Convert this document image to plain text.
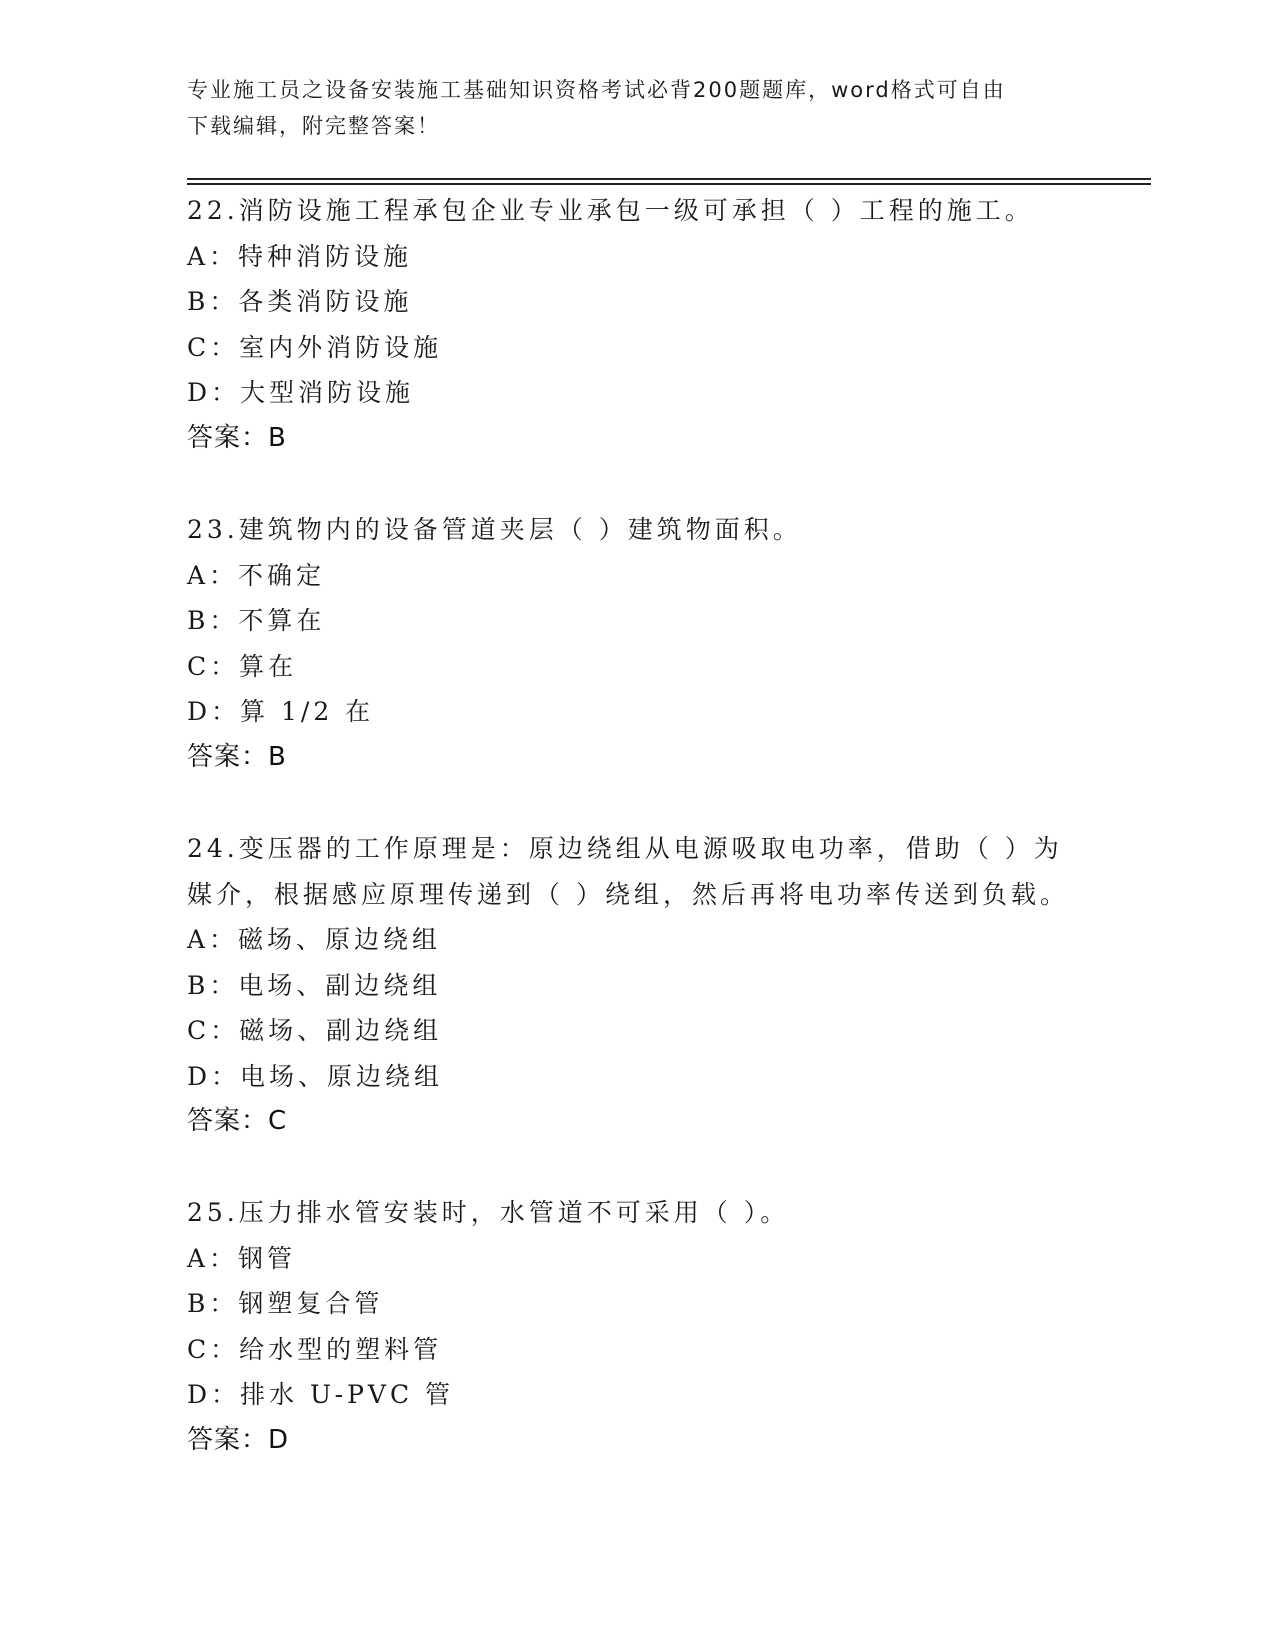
专业施工员之设备安装施工基础知识资格考试必背200题题库，word格式可自由
下载编辑，附完整答案！
22.消防设施工程承包企业专业承包一级可承担（ ）工程的施工。
A：特种消防设施
B：各类消防设施
C：室内外消防设施
D：大型消防设施
答案：B
23.建筑物内的设备管道夹层（ ）建筑物面积。
A：不确定
B：不算在
C：算在
D：算 1/2 在
答案：B
24.变压器的工作原理是：原边绕组从电源吸取电功率，借助（ ）为
媒介，根据感应原理传递到（ ）绕组，然后再将电功率传送到负载。
A：磁场、原边绕组
B：电场、副边绕组
C：磁场、副边绕组
D：电场、原边绕组
答案：C
25.压力排水管安装时，水管道不可采用（ ）。
A：钢管
B：钢塑复合管
C：给水型的塑料管
D：排水 U-PVC 管
答案：D
